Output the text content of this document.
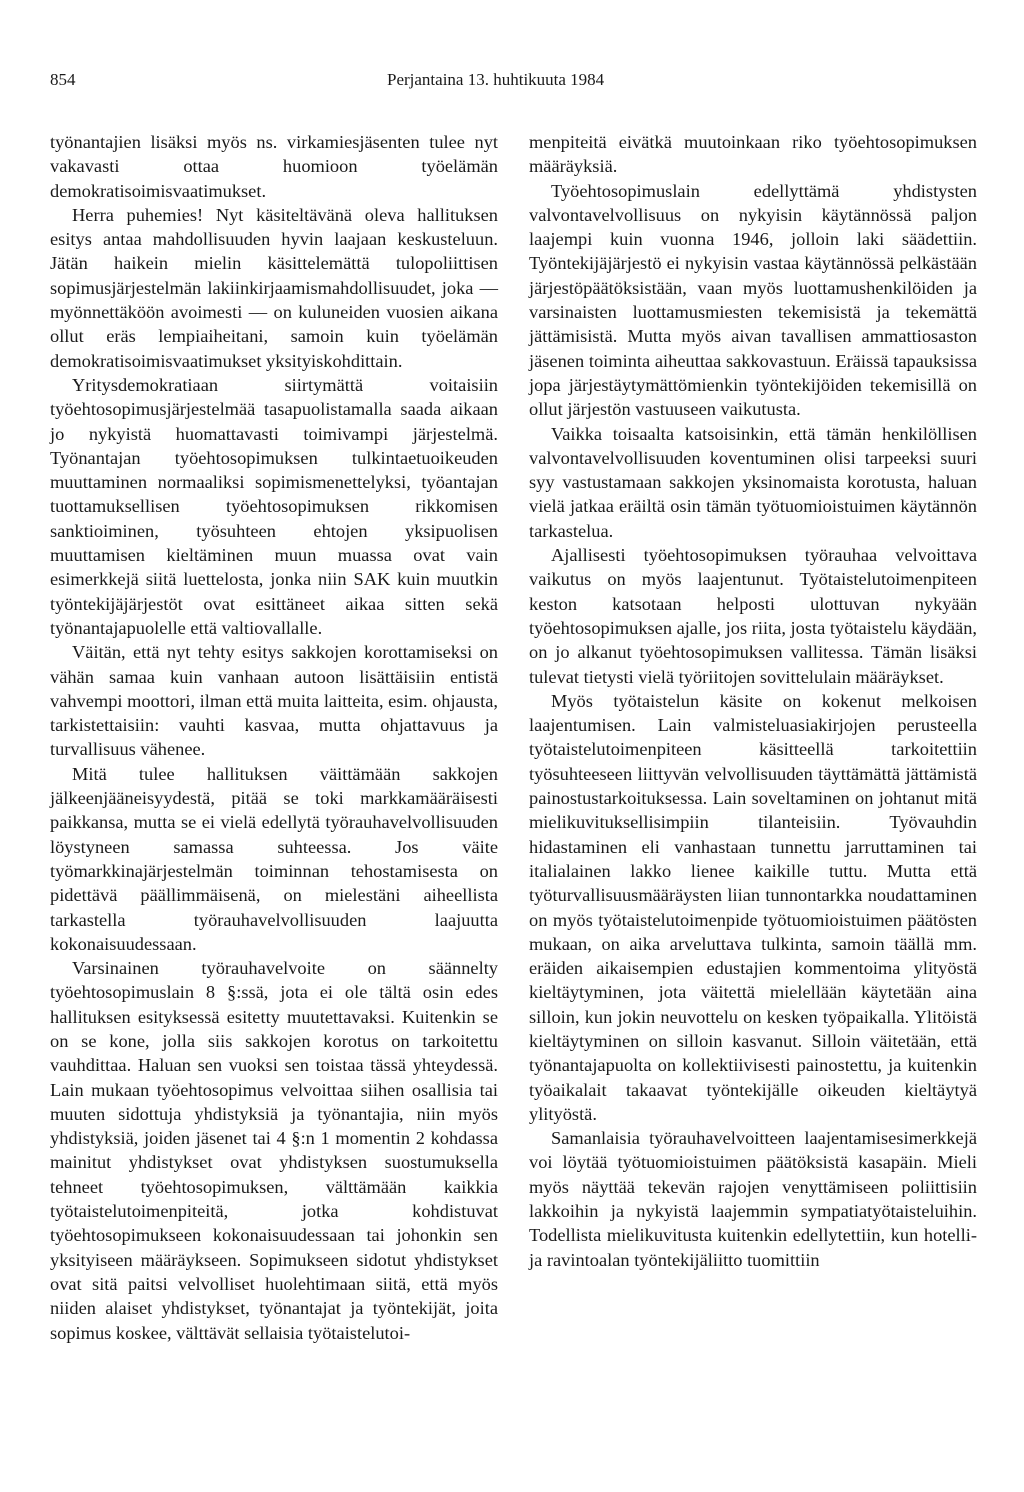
854	Perjantaina 13. huhtikuuta 1984

työnantajien lisäksi myös ns. virkamiesjäsenten tulee nyt vakavasti ottaa huomioon työelämän demokratisoimisvaatimukset.

Herra puhemies! Nyt käsiteltävänä oleva hallituksen esitys antaa mahdollisuuden hyvin laajaan keskusteluun. Jätän haikein mielin käsittelemättä tulopoliittisen sopimusjärjestelmän lakiinkirjaamismahdollisuudet, joka — myönnettäköön avoimesti — on kuluneiden vuosien aikana ollut eräs lempiaiheitani, samoin kuin työelämän demokratisoimisvaatimukset yksityiskohdittain.

Yritysdemokratiaan siirtymättä voitaisiin työehtosopimusjärjestelmää tasapuolistamalla saada aikaan jo nykyistä huomattavasti toimivampi järjestelmä. Työnantajan työehtosopimuksen tulkintaetuoikeuden muuttaminen normaaliksi sopimismenettelyksi, työantajan tuottamuksellisen työehtosopimuksen rikkomisen sanktioiminen, työsuhteen ehtojen yksipuolisen muuttamisen kieltäminen muun muassa ovat vain esimerkkejä siitä luettelosta, jonka niin SAK kuin muutkin työntekijäjärjestöt ovat esittäneet aikaa sitten sekä työnantajapuolelle että valtiovallalle.

Väitän, että nyt tehty esitys sakkojen korottamiseksi on vähän samaa kuin vanhaan autoon lisättäisiin entistä vahvempi moottori, ilman että muita laitteita, esim. ohjausta, tarkistettaisiin: vauhti kasvaa, mutta ohjattavuus ja turvallisuus vähenee.

Mitä tulee hallituksen väittämään sakkojen jälkeenjääneisyydestä, pitää se toki markkamääräisesti paikkansa, mutta se ei vielä edellytä työrauhavelvollisuuden löystyneen samassa suhteessa. Jos väite työmarkkinajärjestelmän toiminnan tehostamisesta on pidettävä päällimmäisenä, on mielestäni aiheellista tarkastella työrauhavelvollisuuden laajuutta kokonaisuudessaan.

Varsinainen työrauhavelvoite on säännelty työehtosopimuslain 8 §:ssä, jota ei ole tältä osin edes hallituksen esityksessä esitetty muutettavaksi. Kuitenkin se on se kone, jolla siis sakkojen korotus on tarkoitettu vauhdittaa. Haluan sen vuoksi sen toistaa tässä yhteydessä. Lain mukaan työehtosopimus velvoittaa siihen osallisia tai muuten sidottuja yhdistyksiä ja työnantajia, niin myös yhdistyksiä, joiden jäsenet tai 4 §:n 1 momentin 2 kohdassa mainitut yhdistykset ovat yhdistyksen suostumuksella tehneet työehtosopimuksen, välttämään kaikkia työtaistelutoimenpiteitä, jotka kohdistuvat työehtosopimukseen kokonaisuudessaan tai johonkin sen yksityiseen määräykseen. Sopimukseen sidotut yhdistykset ovat sitä paitsi velvolliset huolehtimaan siitä, että myös niiden alaiset yhdistykset, työnantajat ja työntekijät, joita sopimus koskee, välttävät sellaisia työtaistelutoi-

menpiteitä eivätkä muutoinkaan riko työehtosopimuksen määräyksiä.

Työehtosopimuslain edellyttämä yhdistysten valvontavelvollisuus on nykyisin käytännössä paljon laajempi kuin vuonna 1946, jolloin laki säädettiin. Työntekijäjärjestö ei nykyisin vastaa käytännössä pelkästään järjestöpäätöksistään, vaan myös luottamushenkilöiden ja varsinaisten luottamusmiesten tekemisistä ja tekemättä jättämisistä. Mutta myös aivan tavallisen ammattiosaston jäsenen toiminta aiheuttaa sakkovastuun. Eräissä tapauksissa jopa järjestäytymättömienkin työntekijöiden tekemisillä on ollut järjestön vastuuseen vaikutusta.

Vaikka toisaalta katsoisinkin, että tämän henkilöllisen valvontavelvollisuuden koventuminen olisi tarpeeksi suuri syy vastustamaan sakkojen yksinomaista korotusta, haluan vielä jatkaa eräiltä osin tämän työtuomioistuimen käytännön tarkastelua.

Ajallisesti työehtosopimuksen työrauhaa velvoittava vaikutus on myös laajentunut. Työtaistelutoimenpiteen keston katsotaan helposti ulottuvan nykyään työehtosopimuksen ajalle, jos riita, josta työtaistelu käydään, on jo alkanut työehtosopimuksen vallitessa. Tämän lisäksi tulevat tietysti vielä työriitojen sovittelulain määräykset.

Myös työtaistelun käsite on kokenut melkoisen laajentumisen. Lain valmisteluasiakirjojen perusteella työtaistelutoimenpiteen käsitteellä tarkoitettiin työsuhteeseen liittyvän velvollisuuden täyttämättä jättämistä painostustarkoituksessa. Lain soveltaminen on johtanut mitä mielikuvituksellisimpiin tilanteisiin. Työvauhdin hidastaminen eli vanhastaan tunnettu jarruttaminen tai italialainen lakko lienee kaikille tuttu. Mutta että työturvallisuusmääräysten liian tunnontarkka noudattaminen on myös työtaistelutoimenpide työtuomioistuimen päätösten mukaan, on aika arveluttava tulkinta, samoin täällä mm. eräiden aikaisempien edustajien kommentoima ylityöstä kieltäytyminen, jota väitettä mielellään käytetään aina silloin, kun jokin neuvottelu on kesken työpaikalla. Ylitöistä kieltäytyminen on silloin kasvanut. Silloin väitetään, että työnantajapuolta on kollektiivisesti painostettu, ja kuitenkin työaikalait takaavat työntekijälle oikeuden kieltäytyä ylityöstä.

Samanlaisia työrauhavelvoitteen laajentamisesimerkkejä voi löytää työtuomioistuimen päätöksistä kasapäin. Mieli myös näyttää tekevän rajojen venyttämiseen poliittisiin lakkoihin ja nykyistä laajemmin sympatiatyötaisteluihin. Todellista mielikuvitusta kuitenkin edellytettiin, kun hotelli- ja ravintoalan työntekijäliitto tuomittiin
